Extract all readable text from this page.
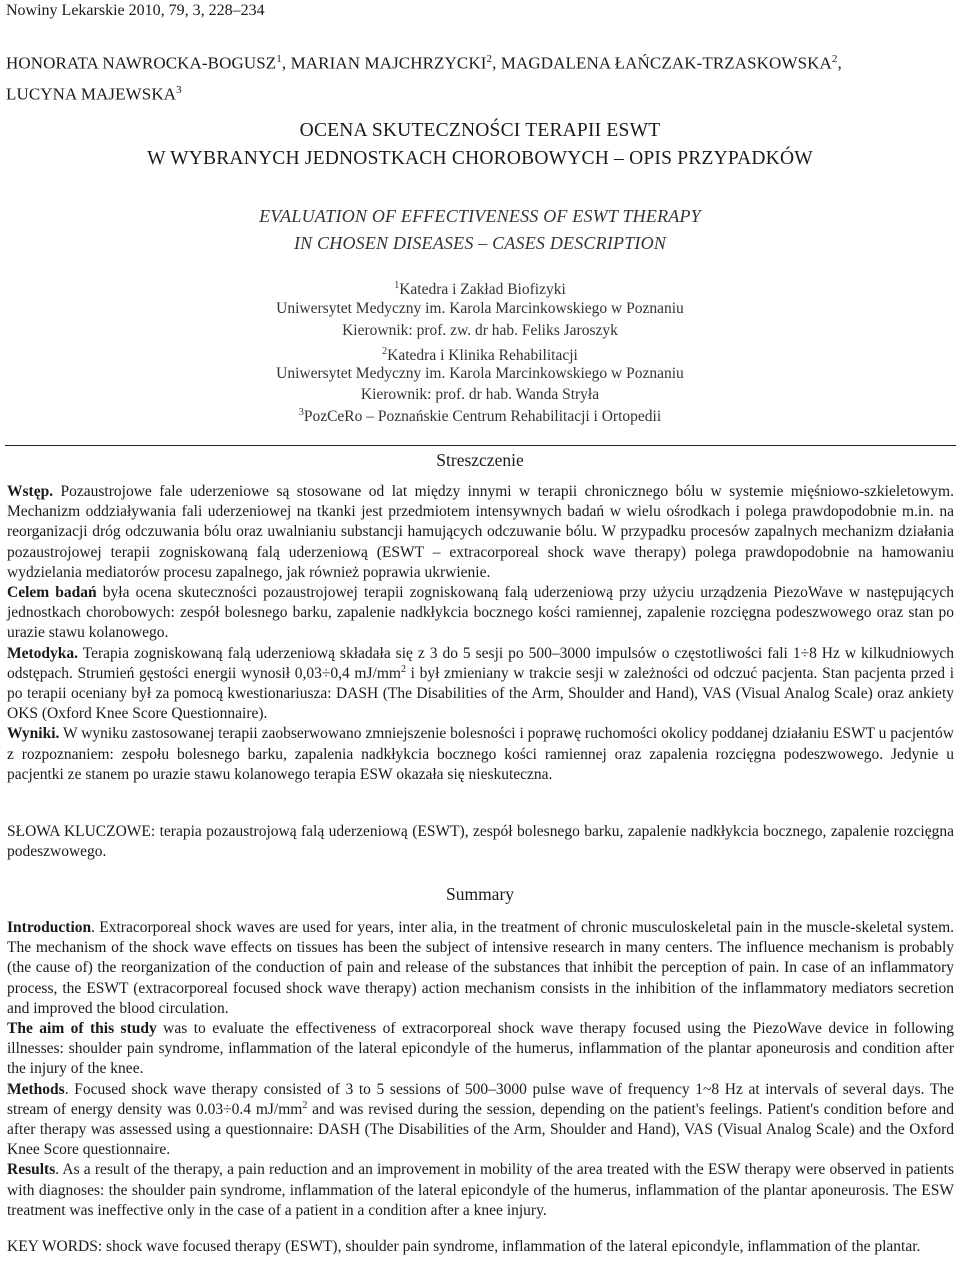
Nowiny Lekarskie 2010, 79, 3, 228–234
HONORATA NAWROCKA-BOGUSZ$^1$, MARIAN MAJCHRZYCKI$^2$, MAGDALENA ŁAŃCZAK-TRZASKOWSKA$^2$,
LUCYNA MAJEWSKA$^3$
OCENA SKUTECZNOŚCI TERAPII ESWT
W WYBRANYCH JEDNOSTKACH CHOROBOWYCH – OPIS PRZYPADKÓW
EVALUATION OF EFFECTIVENESS OF ESWT THERAPY
IN CHOSEN DISEASES – CASES DESCRIPTION
$^1$Katedra i Zakład Biofizyki
Uniwersytet Medyczny im. Karola Marcinkowskiego w Poznaniu
Kierownik: prof. zw. dr hab. Feliks Jaroszyk
$^2$Katedra i Klinika Rehabilitacji
Uniwersytet Medyczny im. Karola Marcinkowskiego w Poznaniu
Kierownik: prof. dr hab. Wanda Stryła
$^3$PozCeRo – Poznańskie Centrum Rehabilitacji i Ortopedii
Streszczenie
Wstęp. Pozaustrojowe fale uderzeniowe są stosowane od lat między innymi w terapii chronicznego bólu w systemie mięśniowo-szkieletowym. Mechanizm oddziaływania fali uderzeniowej na tkanki jest przedmiotem intensywnych badań w wielu ośrodkach i polega prawdopodobnie m.in. na reorganizacji dróg odczuwania bólu oraz uwalnianiu substancji hamujących odczuwanie bólu. W przypadku procesów zapalnych mechanizm działania pozaustrojowej terapii zogniskowaną falą uderzeniową (ESWT – extracorporeal shock wave therapy) polega prawdopodobnie na hamowaniu wydzielania mediatorów procesu zapalnego, jak również poprawia ukrwienie.
Celem badań była ocena skuteczności pozaustrojowej terapii zogniskowaną falą uderzeniową przy użyciu urządzenia PiezoWave w następujących jednostkach chorobowych: zespół bolesnego barku, zapalenie nadkłykcia bocznego kości ramiennej, zapalenie rozcięgna podeszwowego oraz stan po urazie stawu kolanowego.
Metodyka. Terapia zogniskowaną falą uderzeniową składała się z 3 do 5 sesji po 500–3000 impulsów o częstotliwości fali 1÷8 Hz w kilkudniowych odstępach. Strumień gęstości energii wynosił 0,03÷0,4 $mJ/mm^2$ i był zmieniany w trakcie sesji w zależności od odczuć pacjenta. Stan pacjenta przed i po terapii oceniany był za pomocą kwestionariusza: DASH (The Disabilities of the Arm, Shoulder and Hand), VAS (Visual Analog Scale) oraz ankiety OKS (Oxford Knee Score Questionnaire).
Wyniki. W wyniku zastosowanej terapii zaobserwowano zmniejszenie bolesności i poprawę ruchomości okolicy poddanej działaniu ESWT u pacjentów z rozpoznaniem: zespołu bolesnego barku, zapalenia nadkłykcia bocznego kości ramiennej oraz zapalenia rozcięgna podeszwowego. Jedynie u pacjentki ze stanem po urazie stawu kolanowego terapia ESW okazała się nieskuteczna.
SŁOWA KLUCZOWE: terapia pozaustrojową falą uderzeniową (ESWT), zespół bolesnego barku, zapalenie nadkłykcia bocznego, zapalenie rozcięgna podeszwowego.
Summary
Introduction. Extracorporeal shock waves are used for years, inter alia, in the treatment of chronic musculoskeletal pain in the muscle-skeletal system. The mechanism of the shock wave effects on tissues has been the subject of intensive research in many centers. The influence mechanism is probably (the cause of) the reorganization of the conduction of pain and release of the substances that inhibit the perception of pain. In case of an inflammatory process, the ESWT (extracorporeal focused shock wave therapy) action mechanism consists in the inhibition of the inflammatory mediators secretion and improved the blood circulation.
The aim of this study was to evaluate the effectiveness of extracorporeal shock wave therapy focused using the PiezoWave device in following illnesses: shoulder pain syndrome, inflammation of the lateral epicondyle of the humerus, inflammation of the plantar aponeurosis and condition after the injury of the knee.
Methods. Focused shock wave therapy consisted of 3 to 5 sessions of 500–3000 pulse wave of frequency 1~8 Hz at intervals of several days. The stream of energy density was 0.03÷0.4 $mJ/mm^2$ and was revised during the session, depending on the patient's feelings. Patient's condition before and after therapy was assessed using a questionnaire: DASH (The Disabilities of the Arm, Shoulder and Hand), VAS (Visual Analog Scale) and the Oxford Knee Score questionnaire.
Results. As a result of the therapy, a pain reduction and an improvement in mobility of the area treated with the ESW therapy were observed in patients with diagnoses: the shoulder pain syndrome, inflammation of the lateral epicondyle of the humerus, inflammation of the plantar aponeurosis. The ESW treatment was ineffective only in the case of a patient in a condition after a knee injury.
KEY WORDS: shock wave focused therapy (ESWT), shoulder pain syndrome, inflammation of the lateral epicondyle, inflammation of the plantar.
